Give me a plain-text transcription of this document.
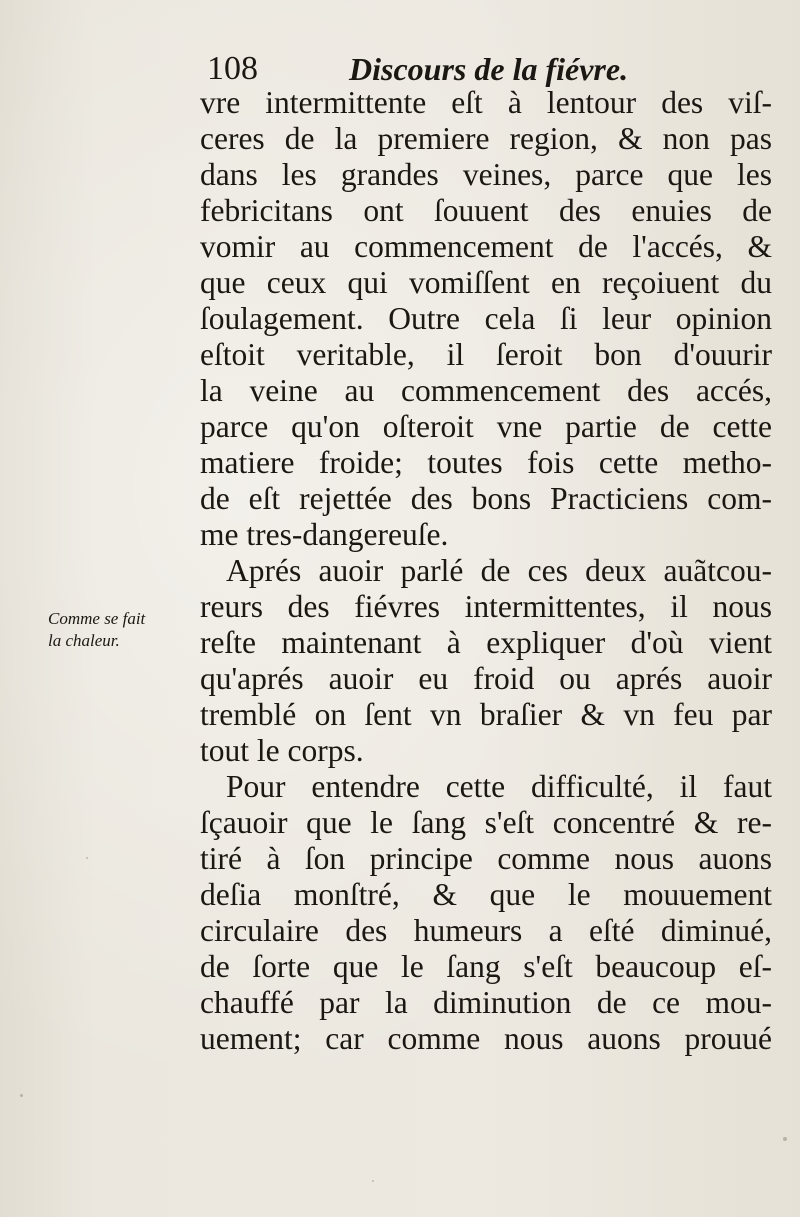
108	Discours de la fiévre.
Comme se fait
la chaleur.
vre intermittente eſt à lentour des viſ-
ceres de la premiere region, & non pas
dans les grandes veines, parce que les
febricitans ont ſouuent des enuies de
vomir au commencement de l'accés, &
que ceux qui vomiſſent en reçoiuent du
ſoulagement. Outre cela ſi leur opinion
eſtoit veritable, il ſeroit bon d'ouurir
la veine au commencement des accés,
parce qu'on oſteroit vne partie de cette
matiere froide; toutes fois cette metho-
de eſt rejettée des bons Practiciens com-
me tres-dangereuſe.
Aprés auoir parlé de ces deux auãtcou-
reurs des fiévres intermittentes, il nous
reſte maintenant à expliquer d'où vient
qu'aprés auoir eu froid ou aprés auoir
tremblé on ſent vn braſier & vn feu par
tout le corps.
Pour entendre cette difficulté, il faut
ſçauoir que le ſang s'eſt concentré & re-
tiré à ſon principe comme nous auons
deſia monſtré, & que le mouuement
circulaire des humeurs a eſté diminué,
de ſorte que le ſang s'eſt beaucoup eſ-
chauffé par la diminution de ce mou-
uement; car comme nous auons prouué
